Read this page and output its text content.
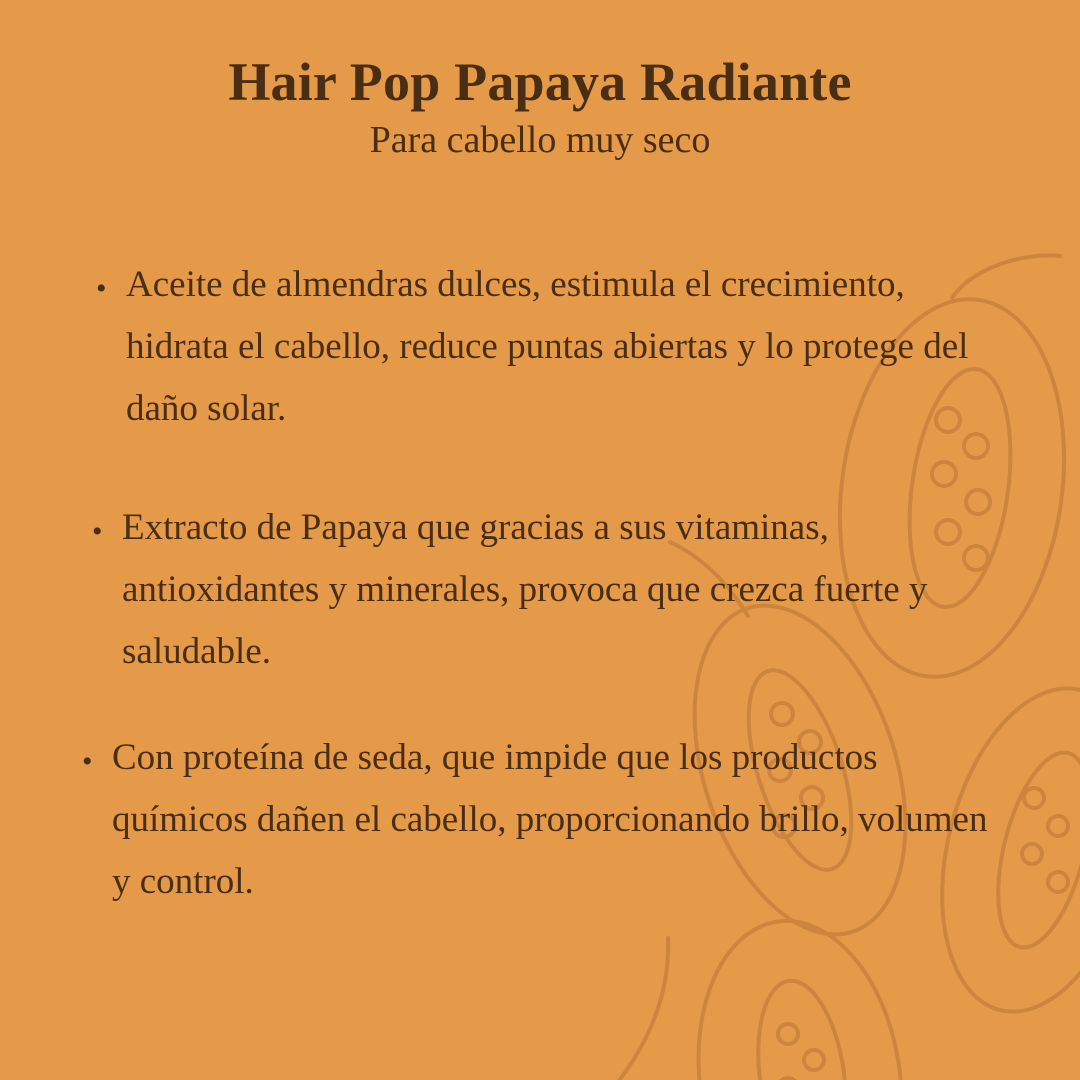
Hair Pop Papaya Radiante
Para cabello muy seco
• Aceite de almendras dulces, estimula el crecimiento, hidrata el cabello, reduce puntas abiertas y lo protege del daño solar.
• Extracto de Papaya que gracias a sus vitaminas, antioxidantes y minerales, provoca que crezca fuerte y saludable.
• Con proteína de seda, que impide que los productos químicos dañen el cabello, proporcionando brillo, volumen y control.
